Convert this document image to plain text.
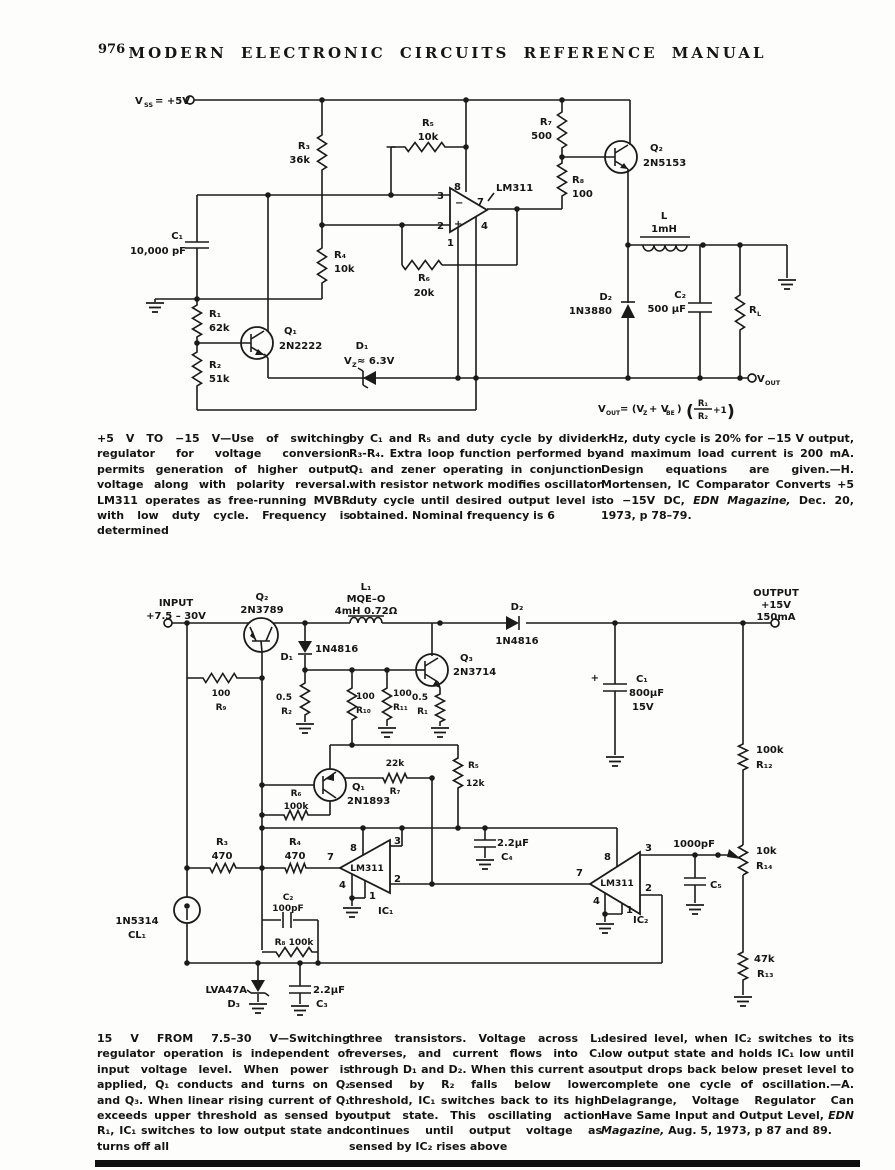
976 MODERN ELECTRONIC CIRCUITS REFERENCE MANUAL
V SS = +5V
R₃
36k
R₅
10k
R₄
10k
R₆
20k
LM311
3
−
2 +
8
7
4
1
R₇
500
R₈
100
Q₂
2N5153
L
1mH
D₂
1N3880
C₂
500 μF	R L
Q₁
2N2222	D₁
V Z ≈ 6.3V
R₁
62k
R₂
51k
C₁
10,000 pF
V OUT
V OUT = (V
Z + V
BE ) R₁
R₂
+1
( )
INPUT
+7.5 – 30V
Q₂
2N3789
L₁
MQE–O
4mH 0.72Ω	D₂
1N4816
OUTPUT
+15V
150mA
D₁
1N4816
100
R₉
0.5
R₂
100
R₁₀
100
R₁₁
0.5
R₁
Q₃
2N3714
+	C₁
800μF
15V
100k
R₁₂
Q₁
2N1893
R₆
100k
22k
R₇
R₅
12k
R₃
470
R₄
470
LM311
7
8
3
2
4
1
IC₁
C₂
100pF
R₈ 100k
1N5314
CL₁
LVA47A
D₃
2.2μF
C₃
2.2μF
C₄
LM311
8
7
3
2
4
1
IC₂
1000pF
C₅
10k
R₁₄
47k
R₁₃
+5 V TO −15 V—Use of switching regulator for voltage conversion permits generation of higher output voltage along with polarity reversal. LM311 operates as free-running MVBR with low duty cycle. Frequency is determined
by C₁ and R₅ and duty cycle by divider R₃-R₄. Extra loop function performed by Q₁ and zener operating in conjunction with resistor network modifies oscillator duty cycle until desired output level is obtained. Nominal frequency is 6
kHz, duty cycle is 20% for −15 V output, and maximum load current is 200 mA. Design equations are given.—H. Mortensen, IC Comparator Converts +5 to −15V DC, EDN Magazine, Dec. 20, 1973, p 78–79.
15 V FROM 7.5–30 V—Switching regulator operation is independent of input voltage level. When power is applied, Q₁ conducts and turns on Q₂ and Q₃. When linear rising current of Q₁ exceeds upper threshold as sensed by R₁, IC₁ switches to low output state and turns off all
three transistors. Voltage across L₁ reverses, and current flows into C₁ through D₁ and D₂. When this current as sensed by R₂ falls below lower threshold, IC₁ switches back to its high output state. This oscillating action continues until output voltage as sensed by IC₂ rises above
desired level, when IC₂ switches to its low output state and holds IC₁ low until output drops back below preset level to complete one cycle of oscillation.—A. Delagrange, Voltage Regulator Can Have Same Input and Output Level, EDN Magazine, Aug. 5, 1973, p 87 and 89.
